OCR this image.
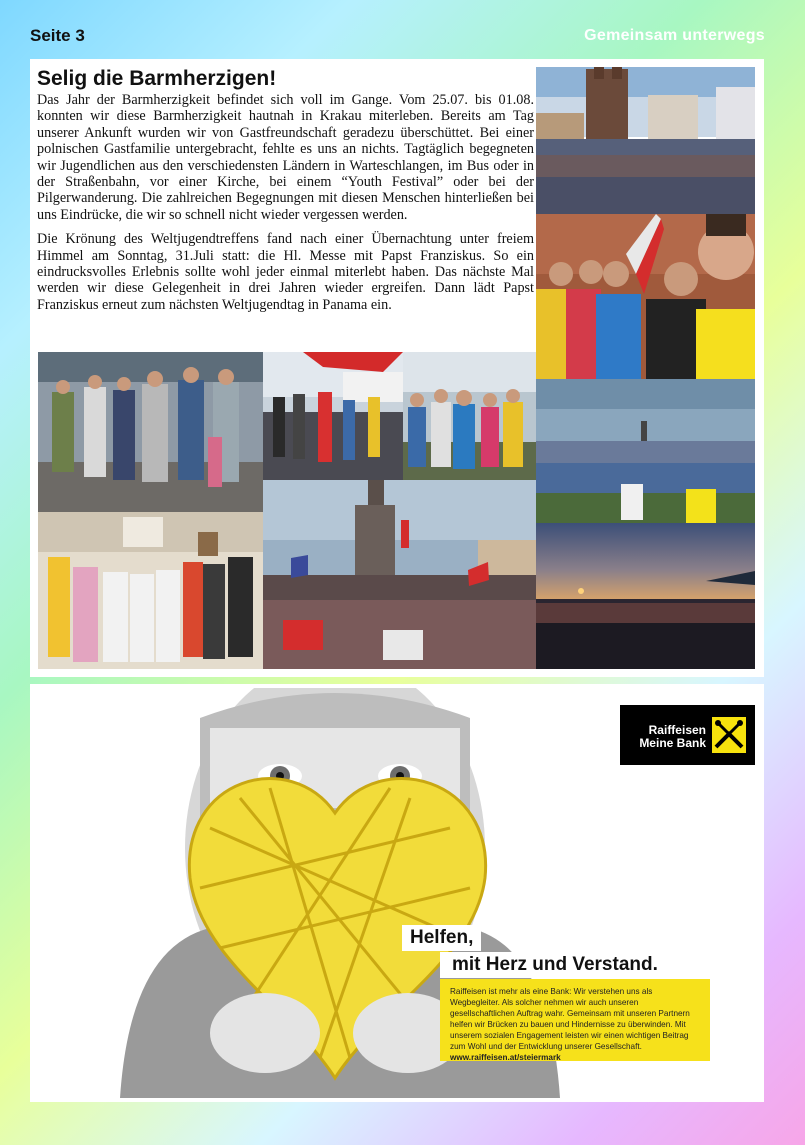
Seite 3	Gemeinsam unterwegs
Selig die Barmherzigen!

Das Jahr der Barmherzigkeit befindet sich voll im Gange. Vom 25.07. bis 01.08. konnten wir diese Barmherzigkeit hautnah in Krakau miterleben. Bereits am Tag unserer Ankunft wurden wir von Gastfreundschaft geradezu überschüttet. Bei einer polnischen Gastfamilie untergebracht, fehlte es uns an nichts. Tagtäglich begegneten wir Jugendlichen aus den verschiedensten Ländern in Warteschlangen, im Bus oder in der Straßenbahn, vor einer Kirche, bei einem “Youth Festival” oder bei der Pilgerwanderung. Die zahlreichen Begegnungen mit diesen Menschen hinterließen bei uns Eindrücke, die wir so schnell nicht wieder vergessen werden.

Die Krönung des Weltjugendtreffens fand nach einer Übernachtung unter freiem Himmel am Sonntag, 31.Juli statt: die Hl. Messe mit Papst Franziskus. So ein eindrucksvolles Erlebnis sollte wohl jeder einmal miterlebt haben. Das nächste Mal werden wir diese Gelegenheit in drei Jahren wieder ergreifen. Dann lädt Papst Franziskus erneut zum nächsten Weltjugendtag in Panama ein.

Raiffeisen
Meine Bank
Helfen,
mit Herz und Verstand.
Raiffeisen ist mehr als eine Bank: Wir verstehen uns als Wegbegleiter. Als solcher nehmen wir auch unseren gesellschaftlichen Auftrag wahr. Gemeinsam mit unseren Partnern helfen wir Brücken zu bauen und Hindernisse zu überwinden. Mit unserem sozialen Engagement leisten wir einen wichtigen Beitrag zum Wohl und der Entwicklung unserer Gesellschaft. www.raiffeisen.at/steiermark
